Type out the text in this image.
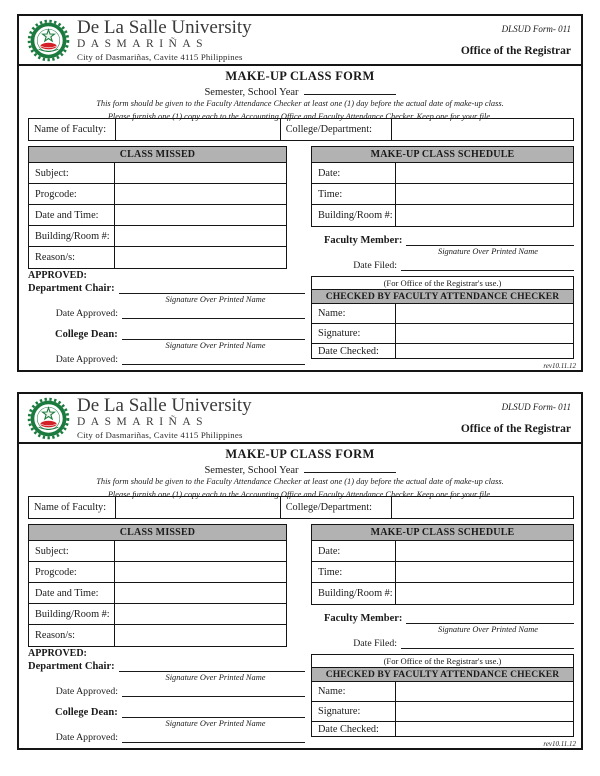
De La Salle University
DASMARIÑAS
City of Dasmariñas, Cavite 4115 Philippines
DLSUD Form- 011
Office of the Registrar
MAKE-UP CLASS FORM
Semester, School Year
This form should be given to the Faculty Attendance Checker at least one (1) day before the actual date of make-up class.
Please furnish one (1) copy each to the Accounting Office and Faculty Attendance Checker. Keep one for your file.
Name of Faculty:	College/Department:
CLASS MISSED
Subject:
Progcode:
Date and Time:
Building/Room #:
Reason/s:
APPROVED:
Department Chair:
Signature Over Printed Name
Date Approved:
College Dean:
Signature Over Printed Name
Date Approved:
MAKE-UP CLASS SCHEDULE
Date:
Time:
Building/Room #:
Faculty Member:
Signature Over Printed Name
Date Filed:
(For Office of the Registrar's use.)
CHECKED BY FACULTY ATTENDANCE CHECKER
Name:
Signature:
Date Checked:
rev10.11.12
De La Salle University
DASMARIÑAS
City of Dasmariñas, Cavite 4115 Philippines
DLSUD Form- 011
Office of the Registrar
MAKE-UP CLASS FORM
Semester, School Year
This form should be given to the Faculty Attendance Checker at least one (1) day before the actual date of make-up class.
Please furnish one (1) copy each to the Accounting Office and Faculty Attendance Checker. Keep one for your file.
Name of Faculty:	College/Department:
CLASS MISSED
Subject:
Progcode:
Date and Time:
Building/Room #:
Reason/s:
APPROVED:
Department Chair:
Signature Over Printed Name
Date Approved:
College Dean:
Signature Over Printed Name
Date Approved:
MAKE-UP CLASS SCHEDULE
Date:
Time:
Building/Room #:
Faculty Member:
Signature Over Printed Name
Date Filed:
(For Office of the Registrar's use.)
CHECKED BY FACULTY ATTENDANCE CHECKER
Name:
Signature:
Date Checked:
rev10.11.12
